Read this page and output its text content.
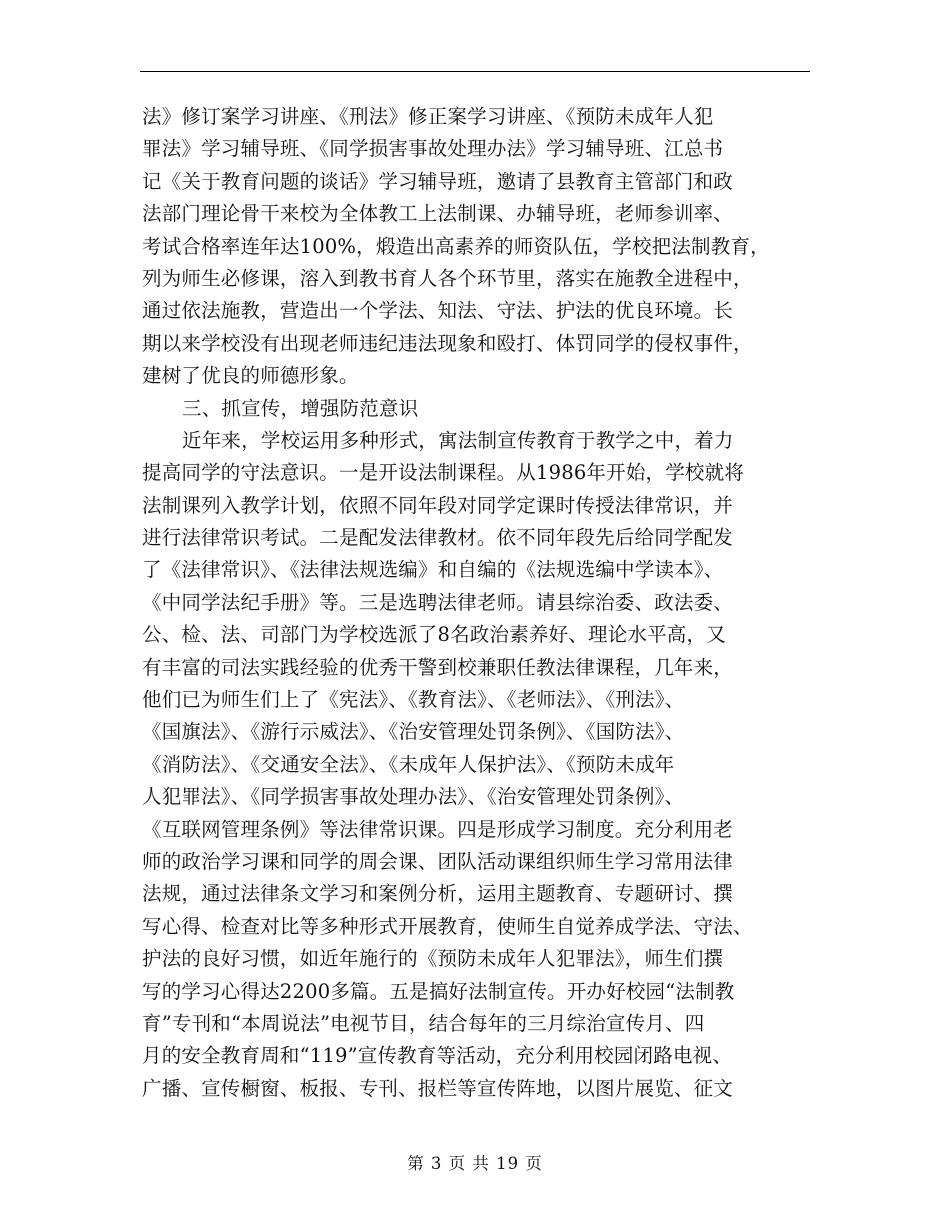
法》修订案学习讲座、《刑法》修正案学习讲座、《预防未成年人犯
罪法》学习辅导班、《同学损害事故处理办法》学习辅导班、江总书
记《关于教育问题的谈话》学习辅导班，邀请了县教育主管部门和政
法部门理论骨干来校为全体教工上法制课、办辅导班，老师参训率、
考试合格率连年达100%，煅造出高素养的师资队伍，学校把法制教育，
列为师生必修课，溶入到教书育人各个环节里，落实在施教全进程中，
通过依法施教，营造出一个学法、知法、守法、护法的优良环境。长
期以来学校没有出现老师违纪违法现象和殴打、体罚同学的侵权事件，
建树了优良的师德形象。
三、抓宣传，增强防范意识
近年来，学校运用多种形式，寓法制宣传教育于教学之中，着力
提高同学的守法意识。一是开设法制课程。从1986年开始，学校就将
法制课列入教学计划，依照不同年段对同学定课时传授法律常识，并
进行法律常识考试。二是配发法律教材。依不同年段先后给同学配发
了《法律常识》、《法律法规选编》和自编的《法规选编中学读本》、
《中同学法纪手册》等。三是选聘法律老师。请县综治委、政法委、
公、检、法、司部门为学校选派了8名政治素养好、理论水平高，又
有丰富的司法实践经验的优秀干警到校兼职任教法律课程，几年来，
他们已为师生们上了《宪法》、《教育法》、《老师法》、《刑法》、
《国旗法》、《游行示威法》、《治安管理处罚条例》、《国防法》、
《消防法》、《交通安全法》、《未成年人保护法》、《预防未成年
人犯罪法》、《同学损害事故处理办法》、《治安管理处罚条例》、
《互联网管理条例》等法律常识课。四是形成学习制度。充分利用老
师的政治学习课和同学的周会课、团队活动课组织师生学习常用法律
法规，通过法律条文学习和案例分析，运用主题教育、专题研讨、撰
写心得、检查对比等多种形式开展教育，使师生自觉养成学法、守法、
护法的良好习惯，如近年施行的《预防未成年人犯罪法》，师生们撰
写的学习心得达2200多篇。五是搞好法制宣传。开办好校园“法制教
育”专刊和“本周说法”电视节目，结合每年的三月综治宣传月、四
月的安全教育周和“119”宣传教育等活动，充分利用校园闭路电视、
广播、宣传橱窗、板报、专刊、报栏等宣传阵地，以图片展览、征文
第 3 页 共 19 页
